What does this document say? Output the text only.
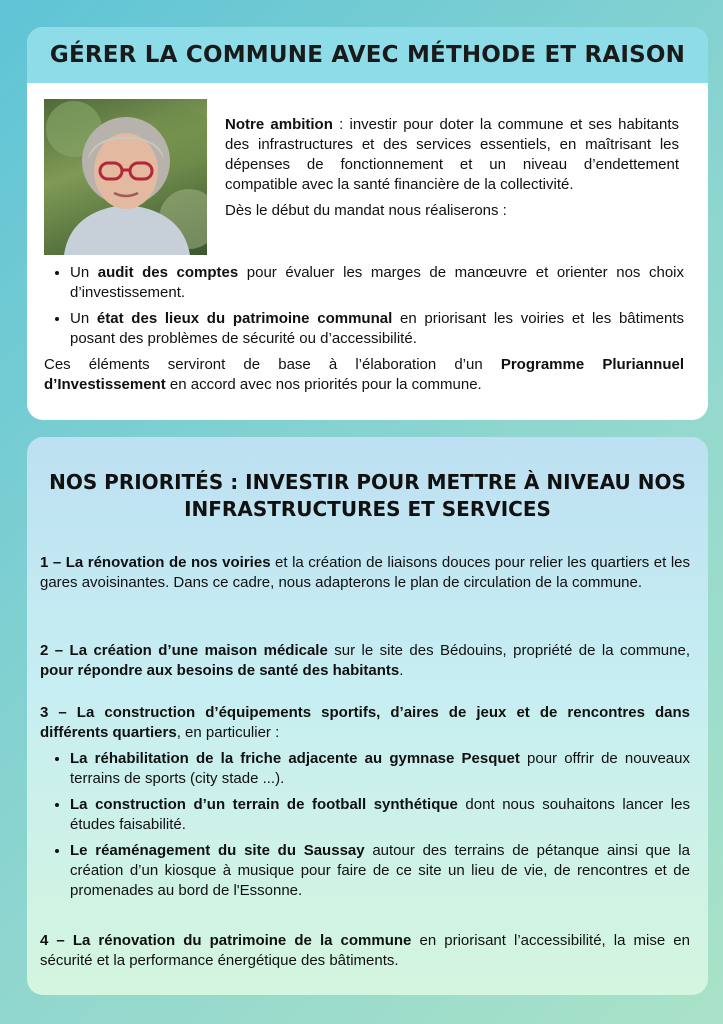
GÉRER LA COMMUNE AVEC MÉTHODE ET RAISON

Notre ambition : investir pour doter la commune et ses habitants des infrastructures et des services essentiels, en maîtrisant les dépenses de fonctionnement et un niveau d’endettement compatible avec la santé financière de la collectivité.

Dès le début du mandat nous réaliserons :

• Un audit des comptes pour évaluer les marges de manœuvre et orienter nos choix d’investissement.
• Un état des lieux du patrimoine communal en priorisant les voiries et les bâtiments posant des problèmes de sécurité ou d’accessibilité.

Ces éléments serviront de base à l’élaboration d’un Programme Pluriannuel d’Investissement en accord avec nos priorités pour la commune.

NOS PRIORITÉS : INVESTIR POUR METTRE À NIVEAU NOS INFRASTRUCTURES ET SERVICES

1 – La rénovation de nos voiries et la création de liaisons douces pour relier les quartiers et les gares avoisinantes. Dans ce cadre, nous adapterons le plan de circulation de la commune.

2 – La création d’une maison médicale sur le site des Bédouins, propriété de la commune, pour répondre aux besoins de santé des habitants.

3 – La construction d’équipements sportifs, d’aires de jeux et de rencontres dans différents quartiers, en particulier :

• La réhabilitation de la friche adjacente au gymnase Pesquet pour offrir de nouveaux terrains de sports (city stade ...).
• La construction d’un terrain de football synthétique dont nous souhaitons lancer les études faisabilité.
• Le réaménagement du site du Saussay autour des terrains de pétanque ainsi que la création d’un kiosque à musique pour faire de ce site un lieu de vie, de rencontres et de promenades au bord de l'Essonne.

4 – La rénovation du patrimoine de la commune en priorisant l’accessibilité, la mise en sécurité et la performance énergétique des bâtiments.
